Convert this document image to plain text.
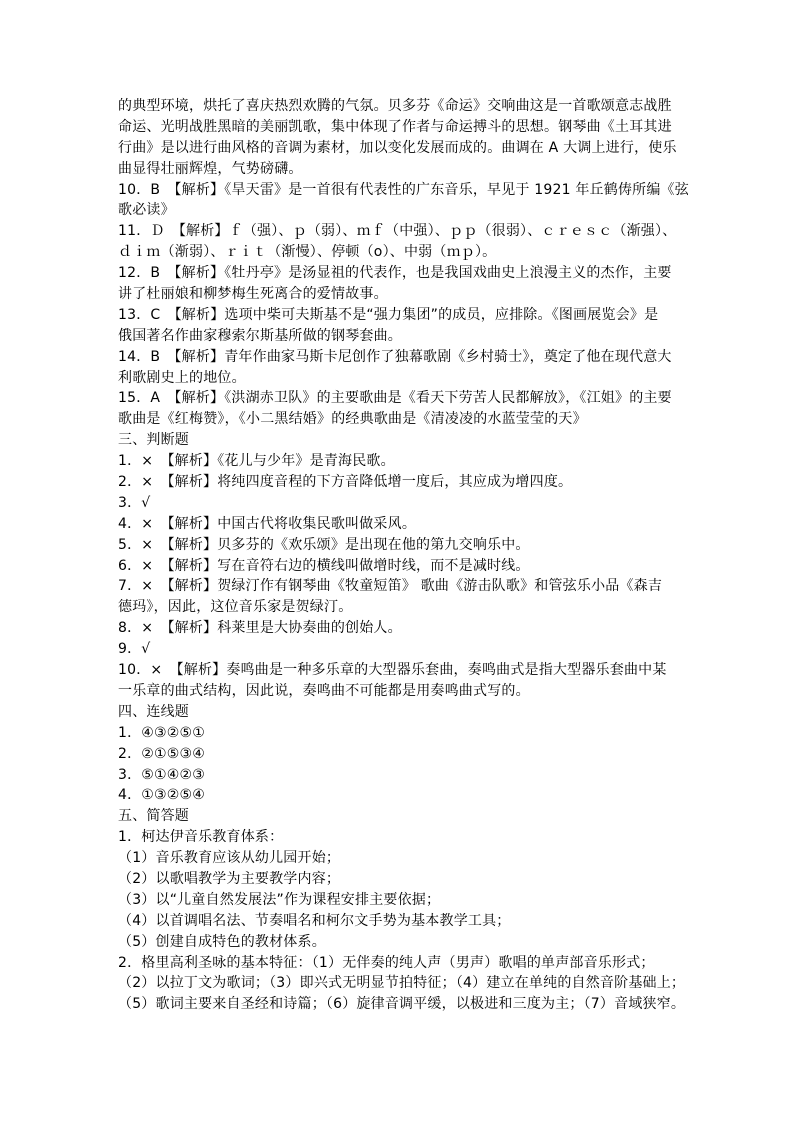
的典型环境，烘托了喜庆热烈欢腾的气氛。贝多芬《命运》交响曲这是一首歌颂意志战胜
命运、光明战胜黑暗的美丽凯歌，集中体现了作者与命运搏斗的思想。钢琴曲《土耳其进
行曲》是以进行曲风格的音调为素材，加以变化发展而成的。曲调在 A 大调上进行，使乐
曲显得壮丽辉煌，气势磅礴。
10．B　【解析】《旱天雷》是一首很有代表性的广东音乐，早见于 1921 年丘鹤俦所编《弦
歌必读》
11．Ｄ　【解析】ｆ（强）、ｐ（弱）、ｍｆ（中强）、ｐｐ（很弱）、ｃｒｅｓｃ（渐强）、
ｄｉｍ（渐弱）、ｒｉｔ（渐慢）、停顿（o）、中弱（ｍｐ）。
12．B　【解析】《牡丹亭》是汤显祖的代表作，也是我国戏曲史上浪漫主义的杰作，主要
讲了杜丽娘和柳梦梅生死离合的爱情故事。
13．C　【解析】选项中柴可夫斯基不是“强力集团”的成员，应排除。《图画展览会》是
俄国著名作曲家穆索尔斯基所做的钢琴套曲。
14．B　【解析】青年作曲家马斯卡尼创作了独幕歌剧《乡村骑士》，奠定了他在现代意大
利歌剧史上的地位。
15．A　【解析】《洪湖赤卫队》的主要歌曲是《看天下劳苦人民都解放》，《江姐》的主要
歌曲是《红梅赞》，《小二黑结婚》的经典歌曲是《清凌凌的水蓝莹莹的天》
三、判断题
1．×　【解析】《花儿与少年》是青海民歌。
2．×　【解析】将纯四度音程的下方音降低增一度后，其应成为增四度。
3．√
4．×　【解析】中国古代将收集民歌叫做采风。
5．×　【解析】贝多芬的《欢乐颂》是出现在他的第九交响乐中。
6．×　【解析】写在音符右边的横线叫做增时线，而不是减时线。
7．×　【解析】贺绿汀作有钢琴曲《牧童短笛》 歌曲《游击队歌》和管弦乐小品《森吉
德玛》，因此，这位音乐家是贺绿汀。
8．×　【解析】科莱里是大协奏曲的创始人。
9．√
10．×　【解析】奏鸣曲是一种多乐章的大型器乐套曲，奏鸣曲式是指大型器乐套曲中某
一乐章的曲式结构，因此说，奏鸣曲不可能都是用奏鸣曲式写的。
四、连线题
1．④③②⑤①
2．②①⑤③④
3．⑤①④②③
4．①③②⑤④
五、简答题
1．柯达伊音乐教育体系：
（1）音乐教育应该从幼儿园开始；
（2）以歌唱教学为主要教学内容；
（3）以“儿童自然发展法”作为课程安排主要依据；
（4）以首调唱名法、节奏唱名和柯尔文手势为基本教学工具；
（5）创建自成特色的教材体系。
2．格里高利圣咏的基本特征：（1）无伴奏的纯人声（男声）歌唱的单声部音乐形式；
（2）以拉丁文为歌词；（3）即兴式无明显节拍特征；（4）建立在单纯的自然音阶基础上；
（5）歌词主要来自圣经和诗篇；（6）旋律音调平缓，以极进和三度为主；（7）音域狭窄。
